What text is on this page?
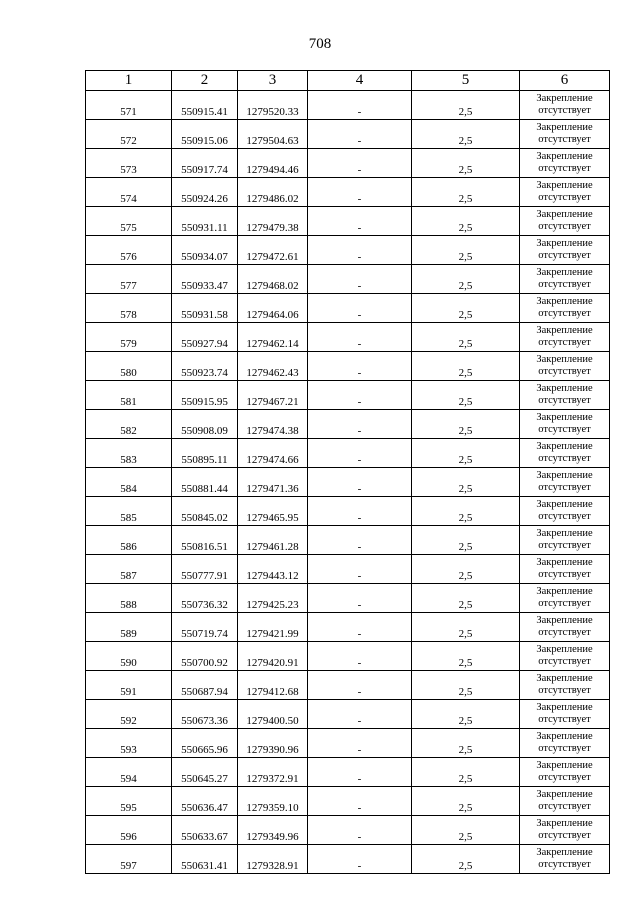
708
1	2	3	4	5	6
571	550915.41	1279520.33	-	2,5	Закрепление
отсутствует

572	550915.06	1279504.63	-	2,5	Закрепление
отсутствует

573	550917.74	1279494.46	-	2,5	Закрепление
отсутствует

574	550924.26	1279486.02	-	2,5	Закрепление
отсутствует

575	550931.11	1279479.38	-	2,5	Закрепление
отсутствует

576	550934.07	1279472.61	-	2,5	Закрепление
отсутствует

577	550933.47	1279468.02	-	2,5	Закрепление
отсутствует

578	550931.58	1279464.06	-	2,5	Закрепление
отсутствует

579	550927.94	1279462.14	-	2,5	Закрепление
отсутствует

580	550923.74	1279462.43	-	2,5	Закрепление
отсутствует

581	550915.95	1279467.21	-	2,5	Закрепление
отсутствует

582	550908.09	1279474.38	-	2,5	Закрепление
отсутствует

583	550895.11	1279474.66	-	2,5	Закрепление
отсутствует

584	550881.44	1279471.36	-	2,5	Закрепление
отсутствует

585	550845.02	1279465.95	-	2,5	Закрепление
отсутствует

586	550816.51	1279461.28	-	2,5	Закрепление
отсутствует

587	550777.91	1279443.12	-	2,5	Закрепление
отсутствует

588	550736.32	1279425.23	-	2,5	Закрепление
отсутствует

589	550719.74	1279421.99	-	2,5	Закрепление
отсутствует

590	550700.92	1279420.91	-	2,5	Закрепление
отсутствует

591	550687.94	1279412.68	-	2,5	Закрепление
отсутствует

592	550673.36	1279400.50	-	2,5	Закрепление
отсутствует

593	550665.96	1279390.96	-	2,5	Закрепление
отсутствует

594	550645.27	1279372.91	-	2,5	Закрепление
отсутствует

595	550636.47	1279359.10	-	2,5	Закрепление
отсутствует

596	550633.67	1279349.96	-	2,5	Закрепление
отсутствует

597	550631.41	1279328.91	-	2,5	Закрепление
отсутствует
